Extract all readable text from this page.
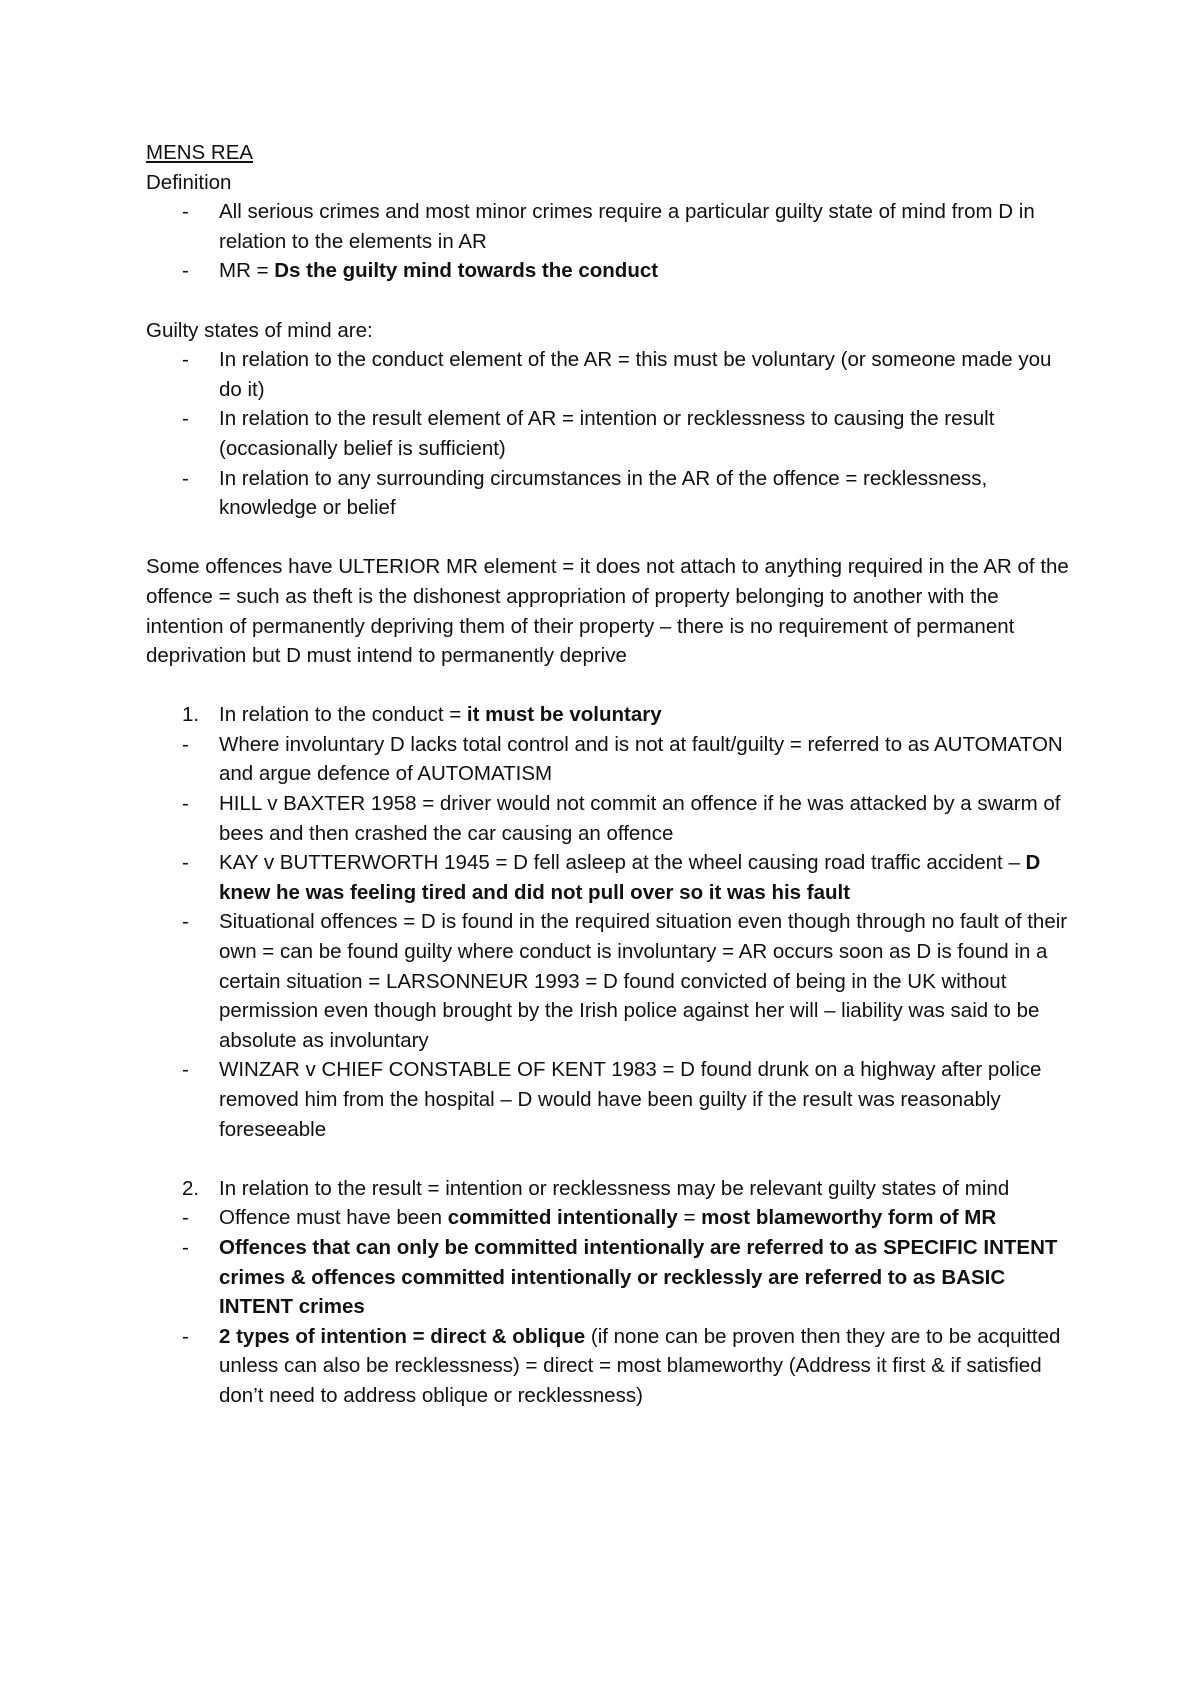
MENS REA

Definition

- All serious crimes and most minor crimes require a particular guilty state of mind from D in relation to the elements in AR
- MR = Ds the guilty mind towards the conduct

Guilty states of mind are:

- In relation to the conduct element of the AR = this must be voluntary (or someone made you do it)
- In relation to the result element of AR = intention or recklessness to causing the result (occasionally belief is sufficient)
- In relation to any surrounding circumstances in the AR of the offence = recklessness, knowledge or belief

Some offences have ULTERIOR MR element = it does not attach to anything required in the AR of the offence = such as theft is the dishonest appropriation of property belonging to another with the intention of permanently depriving them of their property – there is no requirement of permanent deprivation but D must intend to permanently deprive

1. In relation to the conduct = it must be voluntary
- Where involuntary D lacks total control and is not at fault/guilty = referred to as AUTOMATON and argue defence of AUTOMATISM
- HILL v BAXTER 1958 = driver would not commit an offence if he was attacked by a swarm of bees and then crashed the car causing an offence
- KAY v BUTTERWORTH 1945 = D fell asleep at the wheel causing road traffic accident – D knew he was feeling tired and did not pull over so it was his fault
- Situational offences = D is found in the required situation even though through no fault of their own = can be found guilty where conduct is involuntary = AR occurs soon as D is found in a certain situation = LARSONNEUR 1993 = D found convicted of being in the UK without permission even though brought by the Irish police against her will – liability was said to be absolute as involuntary
- WINZAR v CHIEF CONSTABLE OF KENT 1983 = D found drunk on a highway after police removed him from the hospital – D would have been guilty if the result was reasonably foreseeable
2. In relation to the result = intention or recklessness may be relevant guilty states of mind
- Offence must have been committed intentionally = most blameworthy form of MR
- Offences that can only be committed intentionally are referred to as SPECIFIC INTENT crimes & offences committed intentionally or recklessly are referred to as BASIC INTENT crimes
- 2 types of intention = direct & oblique (if none can be proven then they are to be acquitted unless can also be recklessness) = direct = most blameworthy (Address it first & if satisfied don’t need to address oblique or recklessness)
